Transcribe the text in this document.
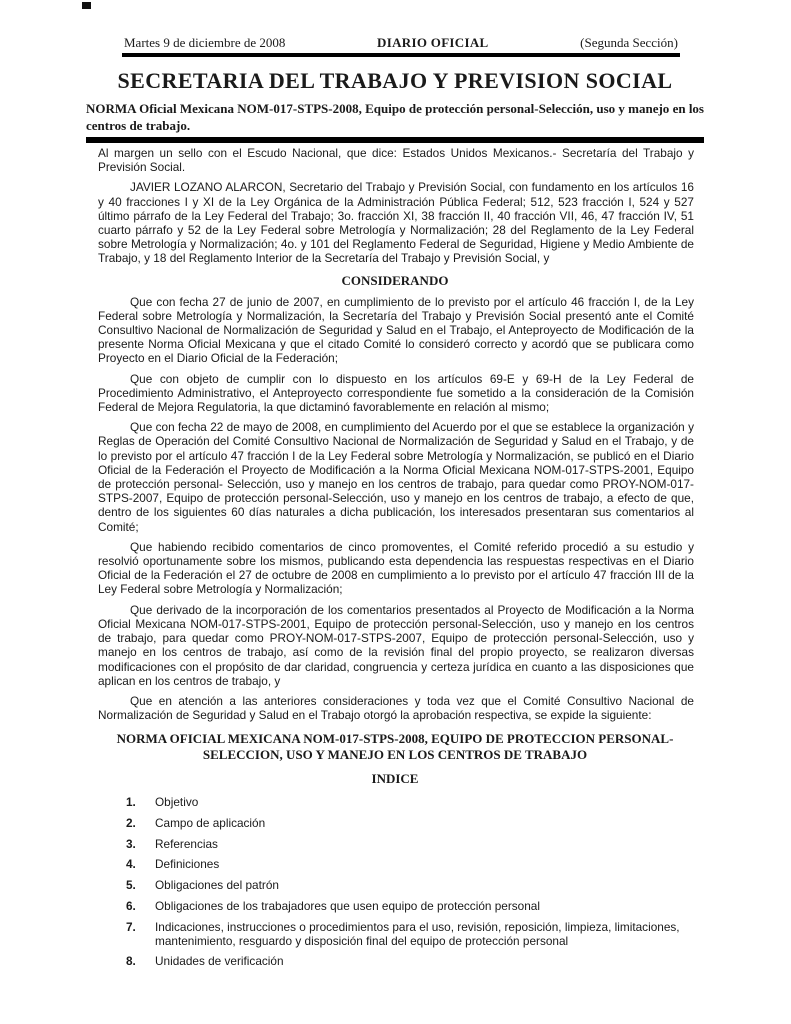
Martes 9 de diciembre de 2008	DIARIO OFICIAL	(Segunda Sección)
SECRETARIA DEL TRABAJO Y PREVISION SOCIAL

NORMA Oficial Mexicana NOM-017-STPS-2008, Equipo de protección personal-Selección, uso y manejo en los centros de trabajo.

Al margen un sello con el Escudo Nacional, que dice: Estados Unidos Mexicanos.- Secretaría del Trabajo y Previsión Social.

JAVIER LOZANO ALARCON, Secretario del Trabajo y Previsión Social, con fundamento en los artículos 16 y 40 fracciones I y XI de la Ley Orgánica de la Administración Pública Federal; 512, 523 fracción I, 524 y 527 último párrafo de la Ley Federal del Trabajo; 3o. fracción XI, 38 fracción II, 40 fracción VII, 46, 47 fracción IV, 51 cuarto párrafo y 52 de la Ley Federal sobre Metrología y Normalización; 28 del Reglamento de la Ley Federal sobre Metrología y Normalización; 4o. y 101 del Reglamento Federal de Seguridad, Higiene y Medio Ambiente de Trabajo, y 18 del Reglamento Interior de la Secretaría del Trabajo y Previsión Social, y

CONSIDERANDO

Que con fecha 27 de junio de 2007, en cumplimiento de lo previsto por el artículo 46 fracción I, de la Ley Federal sobre Metrología y Normalización, la Secretaría del Trabajo y Previsión Social presentó ante el Comité Consultivo Nacional de Normalización de Seguridad y Salud en el Trabajo, el Anteproyecto de Modificación de la presente Norma Oficial Mexicana y que el citado Comité lo consideró correcto y acordó que se publicara como Proyecto en el Diario Oficial de la Federación;

Que con objeto de cumplir con lo dispuesto en los artículos 69-E y 69-H de la Ley Federal de Procedimiento Administrativo, el Anteproyecto correspondiente fue sometido a la consideración de la Comisión Federal de Mejora Regulatoria, la que dictaminó favorablemente en relación al mismo;

Que con fecha 22 de mayo de 2008, en cumplimiento del Acuerdo por el que se establece la organización y Reglas de Operación del Comité Consultivo Nacional de Normalización de Seguridad y Salud en el Trabajo, y de lo previsto por el artículo 47 fracción I de la Ley Federal sobre Metrología y Normalización, se publicó en el Diario Oficial de la Federación el Proyecto de Modificación a la Norma Oficial Mexicana NOM-017-STPS-2001, Equipo de protección personal- Selección, uso y manejo en los centros de trabajo, para quedar como PROY-NOM-017-STPS-2007, Equipo de protección personal-Selección, uso y manejo en los centros de trabajo, a efecto de que, dentro de los siguientes 60 días naturales a dicha publicación, los interesados presentaran sus comentarios al Comité;

Que habiendo recibido comentarios de cinco promoventes, el Comité referido procedió a su estudio y resolvió oportunamente sobre los mismos, publicando esta dependencia las respuestas respectivas en el Diario Oficial de la Federación el 27 de octubre de 2008 en cumplimiento a lo previsto por el artículo 47 fracción III de la Ley Federal sobre Metrología y Normalización;

Que derivado de la incorporación de los comentarios presentados al Proyecto de Modificación a la Norma Oficial Mexicana NOM-017-STPS-2001, Equipo de protección personal-Selección, uso y manejo en los centros de trabajo, para quedar como PROY-NOM-017-STPS-2007, Equipo de protección personal-Selección, uso y manejo en los centros de trabajo, así como de la revisión final del propio proyecto, se realizaron diversas modificaciones con el propósito de dar claridad, congruencia y certeza jurídica en cuanto a las disposiciones que aplican en los centros de trabajo, y

Que en atención a las anteriores consideraciones y toda vez que el Comité Consultivo Nacional de Normalización de Seguridad y Salud en el Trabajo otorgó la aprobación respectiva, se expide la siguiente:

NORMA OFICIAL MEXICANA NOM-017-STPS-2008, EQUIPO DE PROTECCION PERSONAL-
SELECCION, USO Y MANEJO EN LOS CENTROS DE TRABAJO
INDICE
1.	Objetivo
2.	Campo de aplicación
3.	Referencias
4.	Definiciones
5.	Obligaciones del patrón
6.	Obligaciones de los trabajadores que usen equipo de protección personal
7.	Indicaciones, instrucciones o procedimientos para el uso, revisión, reposición, limpieza, limitaciones, mantenimiento, resguardo y disposición final del equipo de protección personal
8.	Unidades de verificación
